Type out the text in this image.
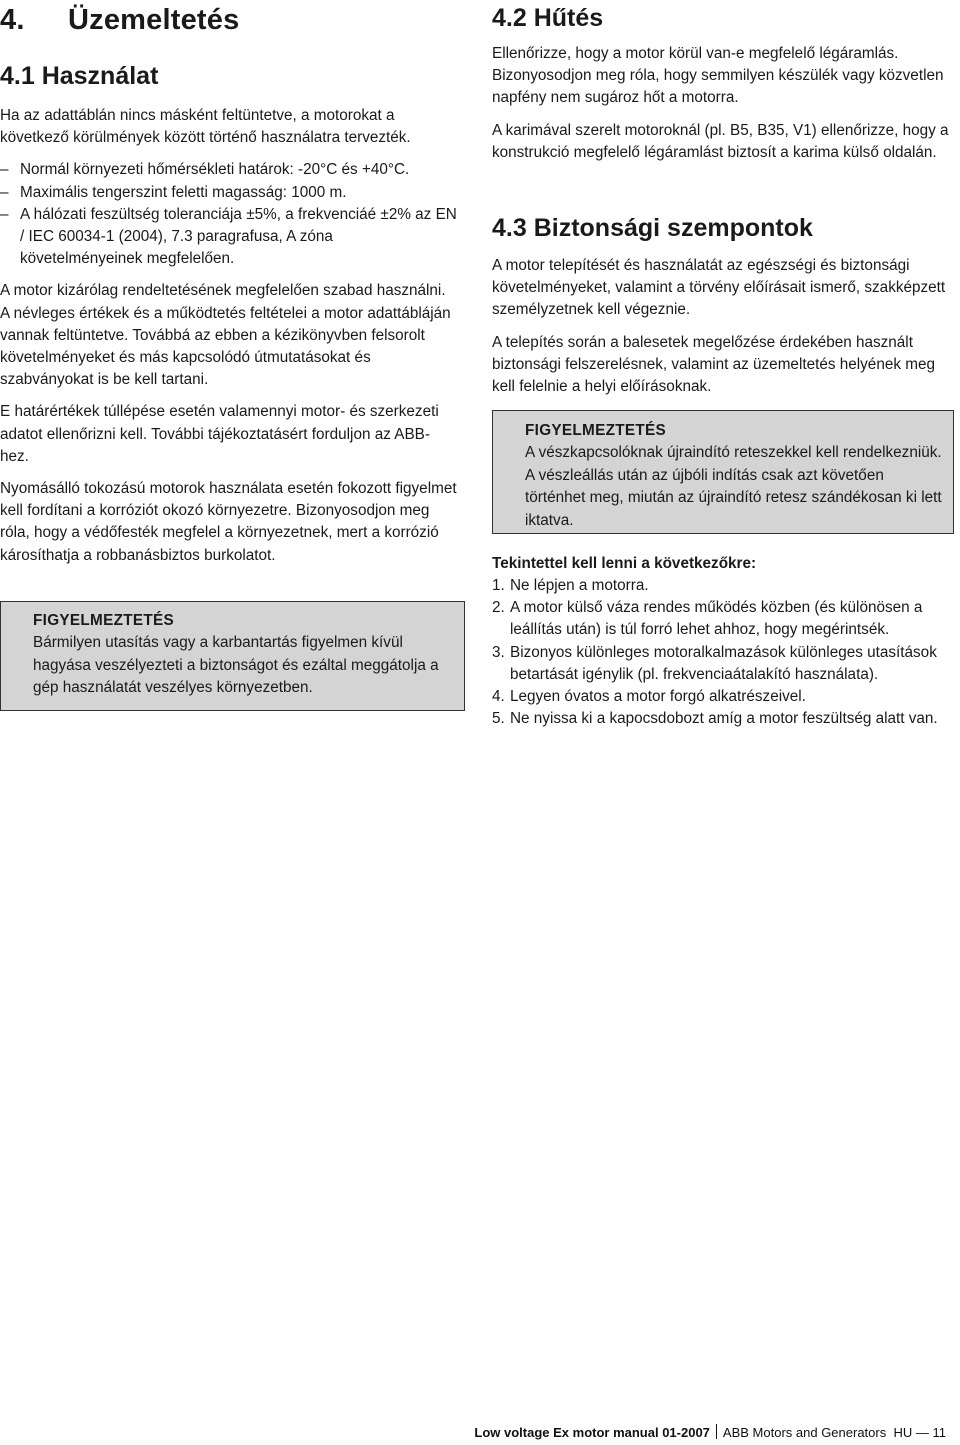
4. Üzemeltetés
4.1 Használat

Ha az adattáblán nincs másként feltüntetve, a motorokat a következő körülmények között történő használatra tervezték.

– Normál környezeti hőmérsékleti határok: -20°C és +40°C.
– Maximális tengerszint feletti magasság: 1000 m.
– A hálózati feszültség toleranciája ±5%, a frekvenciáé ±2% az EN / IEC 60034-1 (2004), 7.3 paragrafusa, A zóna követelményeinek megfelelően.

A motor kizárólag rendeltetésének megfelelően szabad használni. A névleges értékek és a működtetés feltételei a motor adattábláján vannak feltüntetve. Továbbá az ebben a kézikönyvben felsorolt követelményeket és más kapcsolódó útmutatásokat és szabványokat is be kell tartani.

E határértékek túllépése esetén valamennyi motor- és szerkezeti adatot ellenőrizni kell. További tájékoztatásért forduljon az ABB-hez.

Nyomásálló tokozású motorok használata esetén fokozott figyelmet kell fordítani a korróziót okozó környezetre. Bizonyosodjon meg róla, hogy a védőfesték megfelel a környezetnek, mert a korrózió károsíthatja a robbanásbiztos burkolatot.

FIGYELMEZTETÉS
Bármilyen utasítás vagy a karbantartás figyelmen kívül hagyása veszélyezteti a biztonságot és ezáltal meggátolja a gép használatát veszélyes környezetben.
4.2 Hűtés

Ellenőrizze, hogy a motor körül van-e megfelelő légáramlás. Bizonyosodjon meg róla, hogy semmilyen készülék vagy közvetlen napfény nem sugároz hőt a motorra.

A karimával szerelt motoroknál (pl. B5, B35, V1) ellenőrizze, hogy a konstrukció megfelelő légáramlást biztosít a karima külső oldalán.

4.3 Biztonsági szempontok

A motor telepítését és használatát az egészségi és biztonsági követelményeket, valamint a törvény előírásait ismerő, szakképzett személyzetnek kell végeznie.

A telepítés során a balesetek megelőzése érdekében használt biztonsági felszerelésnek, valamint az üzemeltetés helyének meg kell felelnie a helyi előírásoknak.

Tekintettel kell lenni a következőkre:
1. Ne lépjen a motorra.
2. A motor külső váza rendes működés közben (és különösen a leállítás után) is túl forró lehet ahhoz, hogy megérintsék.
3. Bizonyos különleges motoralkalmazások különleges utasítások betartását igénylik (pl. frekvenciaátalakító használata).
4. Legyen óvatos a motor forgó alkatrészeivel.
5. Ne nyissa ki a kapocsdobozt amíg a motor feszültség alatt van.
FIGYELMEZTETÉS
A vészkapcsolóknak újraindító reteszekkel kell rendelkezniük. A vészleállás után az újbóli indítás csak azt követően történhet meg, miután az újraindító retesz szándékosan ki lett iktatva.
Low voltage Ex motor manual 01-2007 ABB Motors and Generators HU — 11
